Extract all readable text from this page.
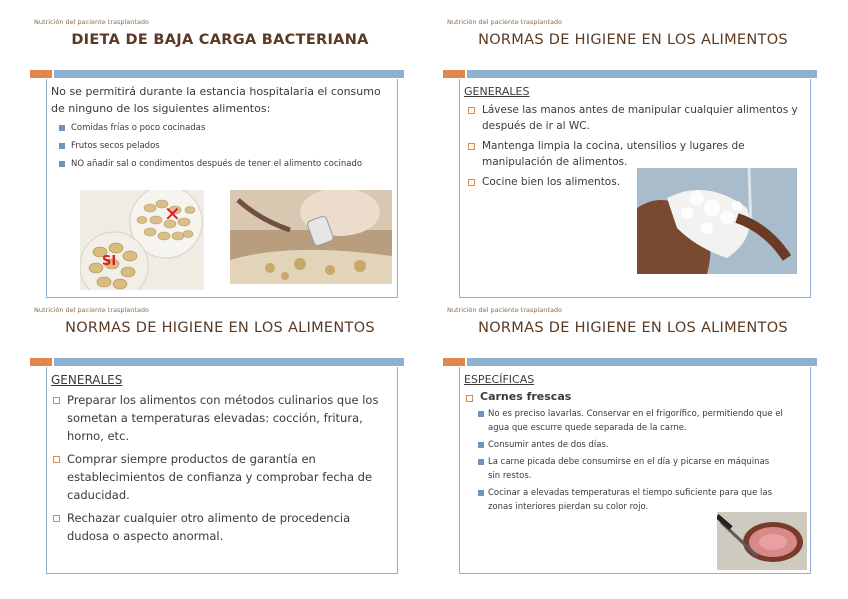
Nutrición del paciente trasplantado
DIETA DE BAJA CARGA BACTERIANA
No se permitirá durante la estancia hospitalaria el consumo de ninguno de los siguientes alimentos:
Comidas frías o poco cocinadas
Frutos secos pelados
NO añadir sal o condimentos después de tener el alimento cocinado
✕
SI
Nutrición del paciente trasplantado
NORMAS DE HIGIENE EN LOS ALIMENTOS
GENERALES
Lávese las manos antes de manipular cualquier alimentos y después de ir al WC.
Mantenga limpia la cocina, utensilios y lugares de manipulación de alimentos.
Cocine bien los alimentos.
Nutrición del paciente trasplantado
NORMAS DE HIGIENE EN LOS ALIMENTOS
GENERALES
Preparar los alimentos con métodos culinarios que los sometan a temperaturas elevadas: cocción, fritura, horno, etc.
Comprar siempre productos de garantía en establecimientos de confianza y comprobar fecha de caducidad.
Rechazar cualquier otro alimento de procedencia dudosa o aspecto anormal.
Nutrición del paciente trasplantado
NORMAS DE HIGIENE EN LOS ALIMENTOS
ESPECÍFICAS
Carnes frescas
No es preciso lavarlas. Conservar en el frigorífico, permitiendo que el agua que escurre quede separada de la carne.
Consumir antes de dos días.
La carne picada debe consumirse en el día y picarse en máquinas sin restos.
Cocinar a elevadas temperaturas el tiempo suficiente para que las zonas interiores pierdan su color rojo.
